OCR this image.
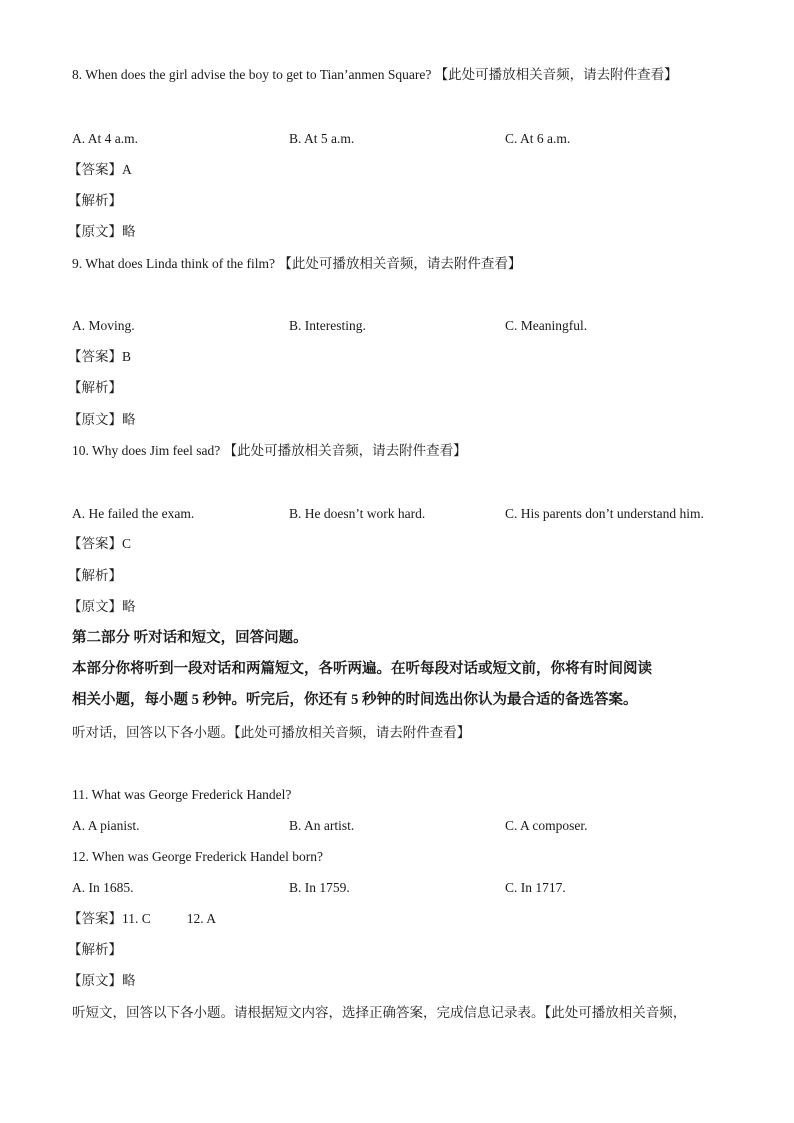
8. When does the girl advise the boy to get to Tian’anmen Square? 【此处可播放相关音频，请去附件查看】
A. At 4 a.m.	B. At 5 a.m.	C. At 6 a.m.
【答案】A
【解析】
【原文】略
9. What does Linda think of the film? 【此处可播放相关音频，请去附件查看】
A. Moving.	B. Interesting.	C. Meaningful.
【答案】B
【解析】
【原文】略
10. Why does Jim feel sad? 【此处可播放相关音频，请去附件查看】
A. He failed the exam.	B. He doesn’t work hard.	C. His parents don’t understand him.
【答案】C
【解析】
【原文】略
第二部分 听对话和短文，回答问题。
本部分你将听到一段对话和两篇短文，各听两遍。在听每段对话或短文前，你将有时间阅读
相关小题，每小题 5 秒钟。听完后，你还有 5 秒钟的时间选出你认为最合适的备选答案。
听对话，回答以下各小题。【此处可播放相关音频，请去附件查看】
11. What was George Frederick Handel?
A. A pianist.	B. An artist.	C. A composer.
12. When was George Frederick Handel born?
A. In 1685.	B. In 1759.	C. In 1717.
【答案】11. C	12. A
【解析】
【原文】略
听短文，回答以下各小题。请根据短文内容，选择正确答案，完成信息记录表。【此处可播放相关音频，
